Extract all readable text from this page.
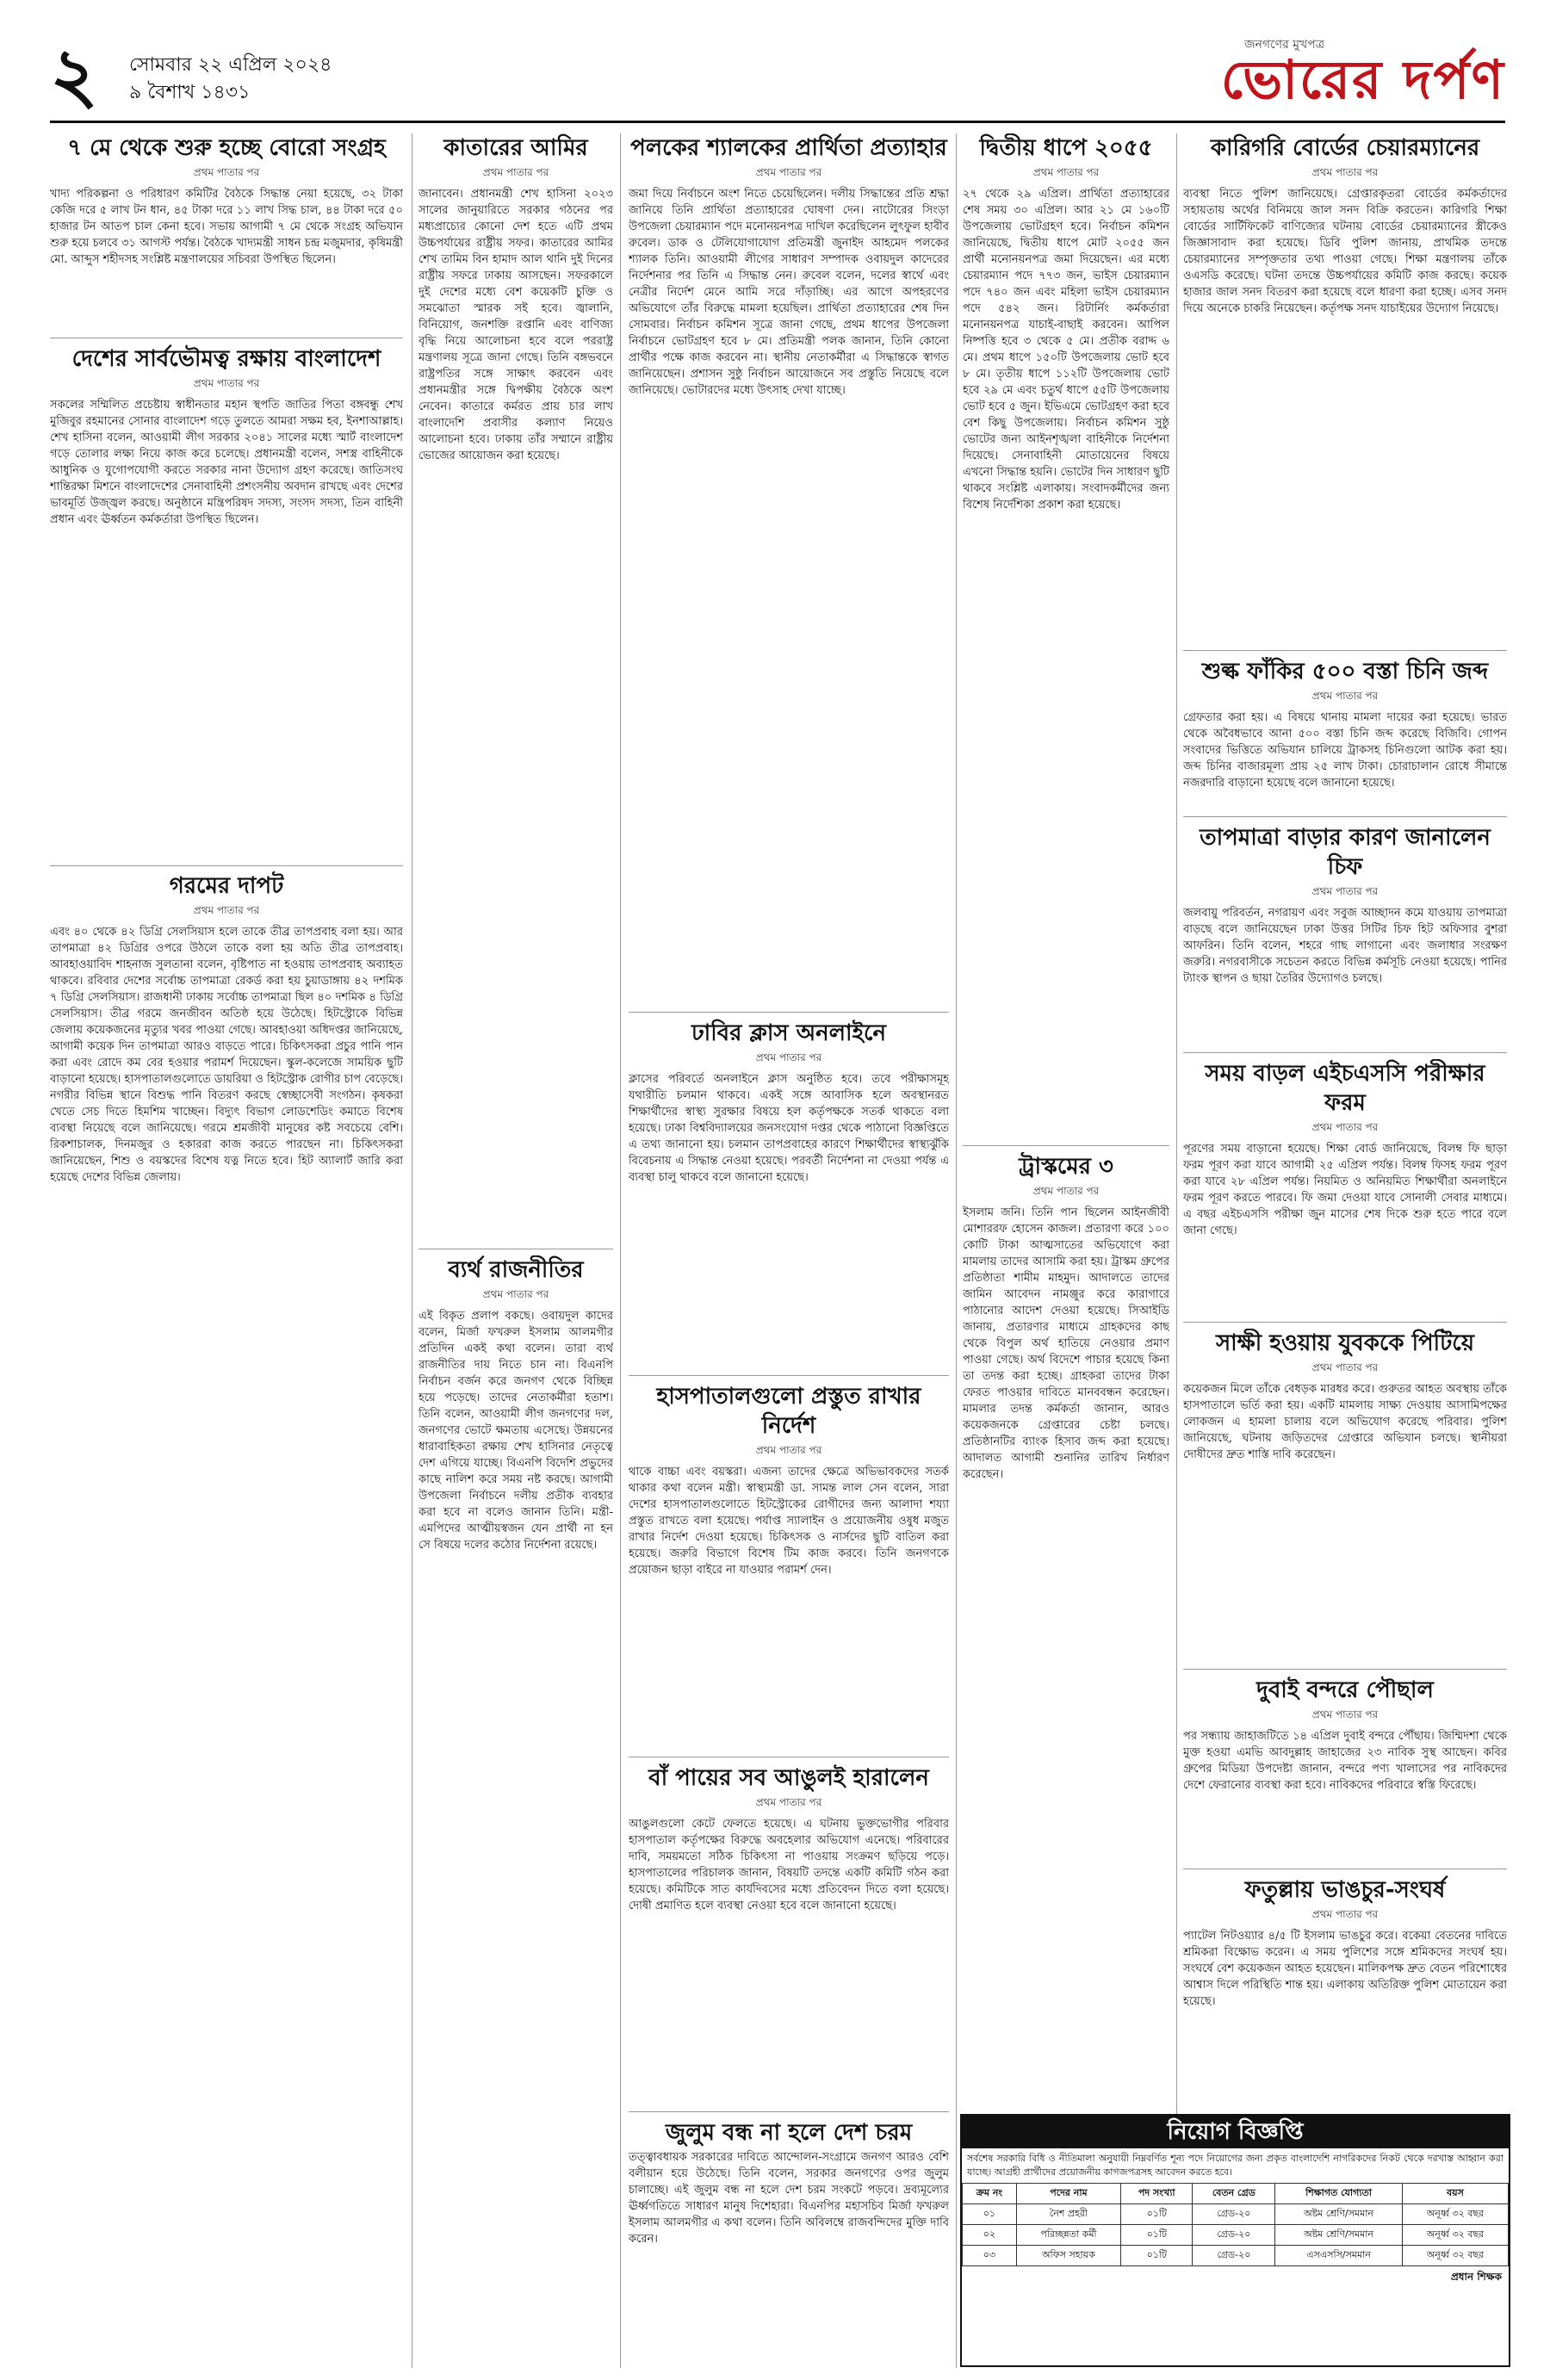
২ সোমবার ২২ এপ্রিল ২০২৪
৯ বৈশাখ ১৪৩১
জনগণের মুখপত্র
ভোরের দর্পণ
৭ মে থেকে শুরু হচ্ছে বোরো সংগ্রহ
প্রথম পাতার পর

খাদ্য পরিকল্পনা ও পরিধারণ কমিটির বৈঠকে সিদ্ধান্ত নেয়া হয়েছে, ৩২ টাকা কেজি দরে ৫ লাখ টন ধান, ৪৫ টাকা দরে ১১ লাখ সিদ্ধ চাল, ৪৪ টাকা দরে ৫০ হাজার টন আতপ চাল কেনা হবে। সভায় আগামী ৭ মে থেকে সংগ্রহ অভিযান শুরু হয়ে চলবে ৩১ আগস্ট পর্যন্ত। বৈঠকে খাদ্যমন্ত্রী সাধন চন্দ্র মজুমদার, কৃষিমন্ত্রী মো. আব্দুস শহীদসহ সংশ্লিষ্ট মন্ত্রণালয়ের সচিবরা উপস্থিত ছিলেন।

দেশের সার্বভৌমত্ব রক্ষায় বাংলাদেশ
প্রথম পাতার পর

সকলের সম্মিলিত প্রচেষ্টায় স্বাধীনতার মহান স্থপতি জাতির পিতা বঙ্গবন্ধু শেখ মুজিবুর রহমানের সোনার বাংলাদেশ গড়ে তুলতে আমরা সক্ষম হব, ইনশাআল্লাহ। শেখ হাসিনা বলেন, আওয়ামী লীগ সরকার ২০৪১ সালের মধ্যে স্মার্ট বাংলাদেশ গড়ে তোলার লক্ষ্য নিয়ে কাজ করে চলেছে। প্রধানমন্ত্রী বলেন, সশস্ত্র বাহিনীকে আধুনিক ও যুগোপযোগী করতে সরকার নানা উদ্যোগ গ্রহণ করেছে। জাতিসংঘ শান্তিরক্ষা মিশনে বাংলাদেশের সেনাবাহিনী প্রশংসনীয় অবদান রাখছে এবং দেশের ভাবমূর্তি উজ্জ্বল করছে। অনুষ্ঠানে মন্ত্রিপরিষদ সদস্য, সংসদ সদস্য, তিন বাহিনী প্রধান এবং ঊর্ধ্বতন কর্মকর্তারা উপস্থিত ছিলেন।

গরমের দাপট
প্রথম পাতার পর

এবং ৪০ থেকে ৪২ ডিগ্রি সেলসিয়াস হলে তাকে তীব্র তাপপ্রবাহ বলা হয়। আর তাপমাত্রা ৪২ ডিগ্রির ওপরে উঠলে তাকে বলা হয় অতি তীব্র তাপপ্রবাহ। আবহাওয়াবিদ শাহনাজ সুলতানা বলেন, বৃষ্টিপাত না হওয়ায় তাপপ্রবাহ অব্যাহত থাকবে। রবিবার দেশের সর্বোচ্চ তাপমাত্রা রেকর্ড করা হয় চুয়াডাঙ্গায় ৪২ দশমিক ৭ ডিগ্রি সেলসিয়াস। রাজধানী ঢাকায় সর্বোচ্চ তাপমাত্রা ছিল ৪০ দশমিক ৪ ডিগ্রি সেলসিয়াস। তীব্র গরমে জনজীবন অতিষ্ঠ হয়ে উঠেছে। হিটস্ট্রোকে বিভিন্ন জেলায় কয়েকজনের মৃত্যুর খবর পাওয়া গেছে। আবহাওয়া অধিদপ্তর জানিয়েছে, আগামী কয়েক দিন তাপমাত্রা আরও বাড়তে পারে। চিকিৎসকরা প্রচুর পানি পান করা এবং রোদে কম বের হওয়ার পরামর্শ দিয়েছেন। স্কুল-কলেজে সাময়িক ছুটি বাড়ানো হয়েছে। হাসপাতালগুলোতে ডায়রিয়া ও হিটস্ট্রোক রোগীর চাপ বেড়েছে। নগরীর বিভিন্ন স্থানে বিশুদ্ধ পানি বিতরণ করছে স্বেচ্ছাসেবী সংগঠন। কৃষকরা খেতে সেচ দিতে হিমশিম খাচ্ছেন। বিদ্যুৎ বিভাগ লোডশেডিং কমাতে বিশেষ ব্যবস্থা নিয়েছে বলে জানিয়েছে। গরমে শ্রমজীবী মানুষের কষ্ট সবচেয়ে বেশি। রিকশাচালক, দিনমজুর ও হকাররা কাজ করতে পারছেন না। চিকিৎসকরা জানিয়েছেন, শিশু ও বয়স্কদের বিশেষ যত্ন নিতে হবে। হিট অ্যালার্ট জারি করা হয়েছে দেশের বিভিন্ন জেলায়।

কাতারের আমির
প্রথম পাতার পর

জানাবেন। প্রধানমন্ত্রী শেখ হাসিনা ২০২৩ সালের জানুয়ারিতে সরকার গঠনের পর মধ্যপ্রাচ্যের কোনো দেশ হতে এটি প্রথম উচ্চপর্যায়ের রাষ্ট্রীয় সফর। কাতারের আমির শেখ তামিম বিন হামাদ আল থানি দুই দিনের রাষ্ট্রীয় সফরে ঢাকায় আসছেন। সফরকালে দুই দেশের মধ্যে বেশ কয়েকটি চুক্তি ও সমঝোতা স্মারক সই হবে। জ্বালানি, বিনিয়োগ, জনশক্তি রপ্তানি এবং বাণিজ্য বৃদ্ধি নিয়ে আলোচনা হবে বলে পররাষ্ট্র মন্ত্রণালয় সূত্রে জানা গেছে। তিনি বঙ্গভবনে রাষ্ট্রপতির সঙ্গে সাক্ষাৎ করবেন এবং প্রধানমন্ত্রীর সঙ্গে দ্বিপক্ষীয় বৈঠকে অংশ নেবেন। কাতারে কর্মরত প্রায় চার লাখ বাংলাদেশি প্রবাসীর কল্যাণ নিয়েও আলোচনা হবে। ঢাকায় তাঁর সম্মানে রাষ্ট্রীয় ভোজের আয়োজন করা হয়েছে।

ব্যর্থ রাজনীতির
প্রথম পাতার পর

এই বিকৃত প্রলাপ বকছে। ওবায়দুল কাদের বলেন, মির্জা ফখরুল ইসলাম আলমগীর প্রতিদিন একই কথা বলেন। তারা ব্যর্থ রাজনীতির দায় নিতে চান না। বিএনপি নির্বাচন বর্জন করে জনগণ থেকে বিচ্ছিন্ন হয়ে পড়েছে। তাদের নেতাকর্মীরা হতাশ। তিনি বলেন, আওয়ামী লীগ জনগণের দল, জনগণের ভোটে ক্ষমতায় এসেছে। উন্নয়নের ধারাবাহিকতা রক্ষায় শেখ হাসিনার নেতৃত্বে দেশ এগিয়ে যাচ্ছে। বিএনপি বিদেশি প্রভুদের কাছে নালিশ করে সময় নষ্ট করছে। আগামী উপজেলা নির্বাচনে দলীয় প্রতীক ব্যবহার করা হবে না বলেও জানান তিনি। মন্ত্রী-এমপিদের আত্মীয়স্বজন যেন প্রার্থী না হন সে বিষয়ে দলের কঠোর নির্দেশনা রয়েছে।

পলকের শ্যালকের প্রার্থিতা প্রত্যাহার
প্রথম পাতার পর

জমা দিয়ে নির্বাচনে অংশ নিতে চেয়েছিলেন। দলীয় সিদ্ধান্তের প্রতি শ্রদ্ধা জানিয়ে তিনি প্রার্থিতা প্রত্যাহারের ঘোষণা দেন। নাটোরের সিংড়া উপজেলা চেয়ারম্যান পদে মনোনয়নপত্র দাখিল করেছিলেন লুৎফুল হাবীব রুবেল। ডাক ও টেলিযোগাযোগ প্রতিমন্ত্রী জুনাইদ আহমেদ পলকের শ্যালক তিনি। আওয়ামী লীগের সাধারণ সম্পাদক ওবায়দুল কাদেরের নির্দেশনার পর তিনি এ সিদ্ধান্ত নেন। রুবেল বলেন, দলের স্বার্থে এবং নেত্রীর নির্দেশ মেনে আমি সরে দাঁড়াচ্ছি। এর আগে অপহরণের অভিযোগে তাঁর বিরুদ্ধে মামলা হয়েছিল। প্রার্থিতা প্রত্যাহারের শেষ দিন সোমবার। নির্বাচন কমিশন সূত্রে জানা গেছে, প্রথম ধাপের উপজেলা নির্বাচনে ভোটগ্রহণ হবে ৮ মে। প্রতিমন্ত্রী পলক জানান, তিনি কোনো প্রার্থীর পক্ষে কাজ করবেন না। স্থানীয় নেতাকর্মীরা এ সিদ্ধান্তকে স্বাগত জানিয়েছেন। প্রশাসন সুষ্ঠু নির্বাচন আয়োজনে সব প্রস্তুতি নিয়েছে বলে জানিয়েছে। ভোটারদের মধ্যে উৎসাহ দেখা যাচ্ছে।

ঢাবির ক্লাস অনলাইনে
প্রথম পাতার পর

ক্লাসের পরিবর্তে অনলাইনে ক্লাস অনুষ্ঠিত হবে। তবে পরীক্ষাসমূহ যথারীতি চলমান থাকবে। একই সঙ্গে আবাসিক হলে অবস্থানরত শিক্ষার্থীদের স্বাস্থ্য সুরক্ষার বিষয়ে হল কর্তৃপক্ষকে সতর্ক থাকতে বলা হয়েছে। ঢাকা বিশ্ববিদ্যালয়ের জনসংযোগ দপ্তর থেকে পাঠানো বিজ্ঞপ্তিতে এ তথ্য জানানো হয়। চলমান তাপপ্রবাহের কারণে শিক্ষার্থীদের স্বাস্থ্যঝুঁকি বিবেচনায় এ সিদ্ধান্ত নেওয়া হয়েছে। পরবর্তী নির্দেশনা না দেওয়া পর্যন্ত এ ব্যবস্থা চালু থাকবে বলে জানানো হয়েছে।

হাসপাতালগুলো প্রস্তুত রাখার নির্দেশ
প্রথম পাতার পর

থাকে বাচ্চা এবং বয়স্করা। এজন্য তাদের ক্ষেত্রে অভিভাবকদের সতর্ক থাকার কথা বলেন মন্ত্রী। স্বাস্থ্যমন্ত্রী ডা. সামন্ত লাল সেন বলেন, সারা দেশের হাসপাতালগুলোতে হিটস্ট্রোকের রোগীদের জন্য আলাদা শয্যা প্রস্তুত রাখতে বলা হয়েছে। পর্যাপ্ত স্যালাইন ও প্রয়োজনীয় ওষুধ মজুত রাখার নির্দেশ দেওয়া হয়েছে। চিকিৎসক ও নার্সদের ছুটি বাতিল করা হয়েছে। জরুরি বিভাগে বিশেষ টিম কাজ করবে। তিনি জনগণকে প্রয়োজন ছাড়া বাইরে না যাওয়ার পরামর্শ দেন।

বাঁ পায়ের সব আঙুলই হারালেন
প্রথম পাতার পর

আঙুলগুলো কেটে ফেলতে হয়েছে। এ ঘটনায় ভুক্তভোগীর পরিবার হাসপাতাল কর্তৃপক্ষের বিরুদ্ধে অবহেলার অভিযোগ এনেছে। পরিবারের দাবি, সময়মতো সঠিক চিকিৎসা না পাওয়ায় সংক্রমণ ছড়িয়ে পড়ে। হাসপাতালের পরিচালক জানান, বিষয়টি তদন্তে একটি কমিটি গঠন করা হয়েছে। কমিটিকে সাত কার্যদিবসের মধ্যে প্রতিবেদন দিতে বলা হয়েছে। দোষী প্রমাণিত হলে ব্যবস্থা নেওয়া হবে বলে জানানো হয়েছে।

জুলুম বন্ধ না হলে দেশ চরম

তত্ত্বাবধায়ক সরকারের দাবিতে আন্দোলন-সংগ্রামে জনগণ আরও বেশি বলীয়ান হয়ে উঠেছে। তিনি বলেন, সরকার জনগণের ওপর জুলুম চালাচ্ছে। এই জুলুম বন্ধ না হলে দেশ চরম সংকটে পড়বে। দ্রব্যমূল্যের ঊর্ধ্বগতিতে সাধারণ মানুষ দিশেহারা। বিএনপির মহাসচিব মির্জা ফখরুল ইসলাম আলমগীর এ কথা বলেন। তিনি অবিলম্বে রাজবন্দিদের মুক্তি দাবি করেন।

দ্বিতীয় ধাপে ২০৫৫
প্রথম পাতার পর

২৭ থেকে ২৯ এপ্রিল। প্রার্থিতা প্রত্যাহারের শেষ সময় ৩০ এপ্রিল। আর ২১ মে ১৬০টি উপজেলায় ভোটগ্রহণ হবে। নির্বাচন কমিশন জানিয়েছে, দ্বিতীয় ধাপে মোট ২০৫৫ জন প্রার্থী মনোনয়নপত্র জমা দিয়েছেন। এর মধ্যে চেয়ারম্যান পদে ৭৭৩ জন, ভাইস চেয়ারম্যান পদে ৭৪০ জন এবং মহিলা ভাইস চেয়ারম্যান পদে ৫৪২ জন। রিটার্নিং কর্মকর্তারা মনোনয়নপত্র যাচাই-বাছাই করবেন। আপিল নিষ্পত্তি হবে ৩ থেকে ৫ মে। প্রতীক বরাদ্দ ৬ মে। প্রথম ধাপে ১৫০টি উপজেলায় ভোট হবে ৮ মে। তৃতীয় ধাপে ১১২টি উপজেলায় ভোট হবে ২৯ মে এবং চতুর্থ ধাপে ৫৫টি উপজেলায় ভোট হবে ৫ জুন। ইভিএমে ভোটগ্রহণ করা হবে বেশ কিছু উপজেলায়। নির্বাচন কমিশন সুষ্ঠু ভোটের জন্য আইনশৃঙ্খলা বাহিনীকে নির্দেশনা দিয়েছে। সেনাবাহিনী মোতায়েনের বিষয়ে এখনো সিদ্ধান্ত হয়নি। ভোটের দিন সাধারণ ছুটি থাকবে সংশ্লিষ্ট এলাকায়। সংবাদকর্মীদের জন্য বিশেষ নির্দেশিকা প্রকাশ করা হয়েছে।

ট্রাস্কমের ৩
প্রথম পাতার পর

ইসলাম জনি। তিনি পান ছিলেন আইনজীবী মোশাররফ হোসেন কাজল। প্রতারণা করে ১০০ কোটি টাকা আত্মসাতের অভিযোগে করা মামলায় তাদের আসামি করা হয়। ট্রাস্কম গ্রুপের প্রতিষ্ঠাতা শামীম মাহমুদ। আদালতে তাদের জামিন আবেদন নামঞ্জুর করে কারাগারে পাঠানোর আদেশ দেওয়া হয়েছে। সিআইডি জানায়, প্রতারণার মাধ্যমে গ্রাহকদের কাছ থেকে বিপুল অর্থ হাতিয়ে নেওয়ার প্রমাণ পাওয়া গেছে। অর্থ বিদেশে পাচার হয়েছে কিনা তা তদন্ত করা হচ্ছে। গ্রাহকরা তাদের টাকা ফেরত পাওয়ার দাবিতে মানববন্ধন করেছেন। মামলার তদন্ত কর্মকর্তা জানান, আরও কয়েকজনকে গ্রেপ্তারের চেষ্টা চলছে। প্রতিষ্ঠানটির ব্যাংক হিসাব জব্দ করা হয়েছে। আদালত আগামী শুনানির তারিখ নির্ধারণ করেছেন।

কারিগরি বোর্ডের চেয়ারম্যানের
প্রথম পাতার পর

ব্যবস্থা নিতে পুলিশ জানিয়েছে। গ্রেপ্তারকৃতরা বোর্ডের কর্মকর্তাদের সহায়তায় অর্থের বিনিময়ে জাল সনদ বিক্রি করতেন। কারিগরি শিক্ষা বোর্ডের সার্টিফিকেট বাণিজ্যের ঘটনায় বোর্ডের চেয়ারম্যানের স্ত্রীকেও জিজ্ঞাসাবাদ করা হয়েছে। ডিবি পুলিশ জানায়, প্রাথমিক তদন্তে চেয়ারম্যানের সম্পৃক্ততার তথ্য পাওয়া গেছে। শিক্ষা মন্ত্রণালয় তাঁকে ওএসডি করেছে। ঘটনা তদন্তে উচ্চপর্যায়ের কমিটি কাজ করছে। কয়েক হাজার জাল সনদ বিতরণ করা হয়েছে বলে ধারণা করা হচ্ছে। এসব সনদ দিয়ে অনেকে চাকরি নিয়েছেন। কর্তৃপক্ষ সনদ যাচাইয়ের উদ্যোগ নিয়েছে।

শুল্ক ফাঁকির ৫০০ বস্তা চিনি জব্দ
প্রথম পাতার পর

গ্রেফতার করা হয়। এ বিষয়ে থানায় মামলা দায়ের করা হয়েছে। ভারত থেকে অবৈধভাবে আনা ৫০০ বস্তা চিনি জব্দ করেছে বিজিবি। গোপন সংবাদের ভিত্তিতে অভিযান চালিয়ে ট্রাকসহ চিনিগুলো আটক করা হয়। জব্দ চিনির বাজারমূল্য প্রায় ২৫ লাখ টাকা। চোরাচালান রোধে সীমান্তে নজরদারি বাড়ানো হয়েছে বলে জানানো হয়েছে।

তাপমাত্রা বাড়ার কারণ জানালেন চিফ
প্রথম পাতার পর

জলবায়ু পরিবর্তন, নগরায়ণ এবং সবুজ আচ্ছাদন কমে যাওয়ায় তাপমাত্রা বাড়ছে বলে জানিয়েছেন ঢাকা উত্তর সিটির চিফ হিট অফিসার বুশরা আফরিন। তিনি বলেন, শহরে গাছ লাগানো এবং জলাধার সংরক্ষণ জরুরি। নগরবাসীকে সচেতন করতে বিভিন্ন কর্মসূচি নেওয়া হয়েছে। পানির ট্যাংক স্থাপন ও ছায়া তৈরির উদ্যোগও চলছে।

সময় বাড়ল এইচএসসি পরীক্ষার ফরম
প্রথম পাতার পর

পূরণের সময় বাড়ানো হয়েছে। শিক্ষা বোর্ড জানিয়েছে, বিলম্ব ফি ছাড়া ফরম পূরণ করা যাবে আগামী ২৫ এপ্রিল পর্যন্ত। বিলম্ব ফিসহ ফরম পূরণ করা যাবে ২৮ এপ্রিল পর্যন্ত। নিয়মিত ও অনিয়মিত শিক্ষার্থীরা অনলাইনে ফরম পূরণ করতে পারবে। ফি জমা দেওয়া যাবে সোনালী সেবার মাধ্যমে। এ বছর এইচএসসি পরীক্ষা জুন মাসের শেষ দিকে শুরু হতে পারে বলে জানা গেছে।

সাক্ষী হওয়ায় যুবককে পিটিয়ে
প্রথম পাতার পর

কয়েকজন মিলে তাঁকে বেধড়ক মারধর করে। গুরুতর আহত অবস্থায় তাঁকে হাসপাতালে ভর্তি করা হয়। একটি মামলায় সাক্ষ্য দেওয়ায় আসামিপক্ষের লোকজন এ হামলা চালায় বলে অভিযোগ করেছে পরিবার। পুলিশ জানিয়েছে, ঘটনায় জড়িতদের গ্রেপ্তারে অভিযান চলছে। স্থানীয়রা দোষীদের দ্রুত শাস্তি দাবি করেছেন।

দুবাই বন্দরে পৌছাল
প্রথম পাতার পর

পর সন্ধ্যায় জাহাজটিতে ১৪ এপ্রিল দুবাই বন্দরে পৌঁছায়। জিম্মিদশা থেকে মুক্ত হওয়া এমভি আবদুল্লাহ জাহাজের ২৩ নাবিক সুস্থ আছেন। কবির গ্রুপের মিডিয়া উপদেষ্টা জানান, বন্দরে পণ্য খালাসের পর নাবিকদের দেশে ফেরানোর ব্যবস্থা করা হবে। নাবিকদের পরিবারে স্বস্তি ফিরেছে।

ফতুল্লায় ভাঙচুর-সংঘর্ষ
প্রথম পাতার পর

প্যাটেল নিটওয়্যার ৪/৫ টি ইসলাম ভাঙচুর করে। বকেয়া বেতনের দাবিতে শ্রমিকরা বিক্ষোভ করেন। এ সময় পুলিশের সঙ্গে শ্রমিকদের সংঘর্ষ হয়। সংঘর্ষে বেশ কয়েকজন আহত হয়েছেন। মালিকপক্ষ দ্রুত বেতন পরিশোধের আশ্বাস দিলে পরিস্থিতি শান্ত হয়। এলাকায় অতিরিক্ত পুলিশ মোতায়েন করা হয়েছে।

নিয়োগ বিজ্ঞপ্তি
সর্বশেষ সরকারি বিধি ও নীতিমালা অনুযায়ী নিম্নবর্ণিত শূন্য পদে নিয়োগের জন্য প্রকৃত বাংলাদেশি নাগরিকদের নিকট থেকে দরখাস্ত আহ্বান করা যাচ্ছে। আগ্রহী প্রার্থীদের প্রয়োজনীয় কাগজপত্রসহ আবেদন করতে হবে।
ক্রম নং	পদের নাম	পদ সংখ্যা	বেতন গ্রেড	শিক্ষাগত যোগ্যতা	বয়স
০১	নৈশ প্রহরী	০১টি	গ্রেড-২০	অষ্টম শ্রেণি/সমমান	অনূর্ধ্ব ৩২ বছর
০২	পরিচ্ছন্নতা কর্মী	০১টি	গ্রেড-২০	অষ্টম শ্রেণি/সমমান	অনূর্ধ্ব ৩২ বছর
০৩	অফিস সহায়ক	০১টি	গ্রেড-২০	এসএসসি/সমমান	অনূর্ধ্ব ৩২ বছর
প্রধান শিক্ষক
